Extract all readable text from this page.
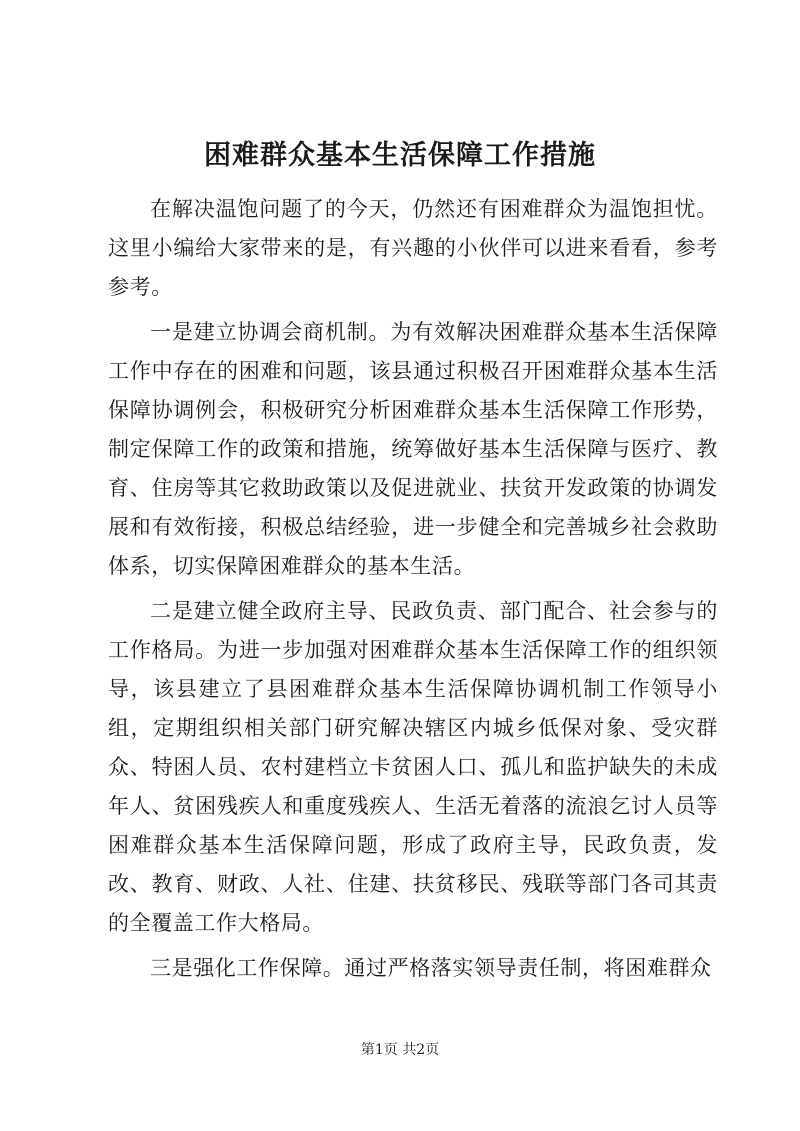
困难群众基本生活保障工作措施

在解决温饱问题了的今天，仍然还有困难群众为温饱担忧。这里小编给大家带来的是，有兴趣的小伙伴可以进来看看，参考参考。

一是建立协调会商机制。为有效解决困难群众基本生活保障工作中存在的困难和问题，该县通过积极召开困难群众基本生活保障协调例会，积极研究分析困难群众基本生活保障工作形势，制定保障工作的政策和措施，统筹做好基本生活保障与医疗、教育、住房等其它救助政策以及促进就业、扶贫开发政策的协调发展和有效衔接，积极总结经验，进一步健全和完善城乡社会救助体系，切实保障困难群众的基本生活。

二是建立健全政府主导、民政负责、部门配合、社会参与的工作格局。为进一步加强对困难群众基本生活保障工作的组织领导，该县建立了县困难群众基本生活保障协调机制工作领导小组，定期组织相关部门研究解决辖区内城乡低保对象、受灾群众、特困人员、农村建档立卡贫困人口、孤儿和监护缺失的未成年人、贫困残疾人和重度残疾人、生活无着落的流浪乞讨人员等困难群众基本生活保障问题，形成了政府主导，民政负责，发改、教育、财政、人社、住建、扶贫移民、残联等部门各司其责的全覆盖工作大格局。

三是强化工作保障。通过严格落实领导责任制，将困难群众

第1页 共2页
